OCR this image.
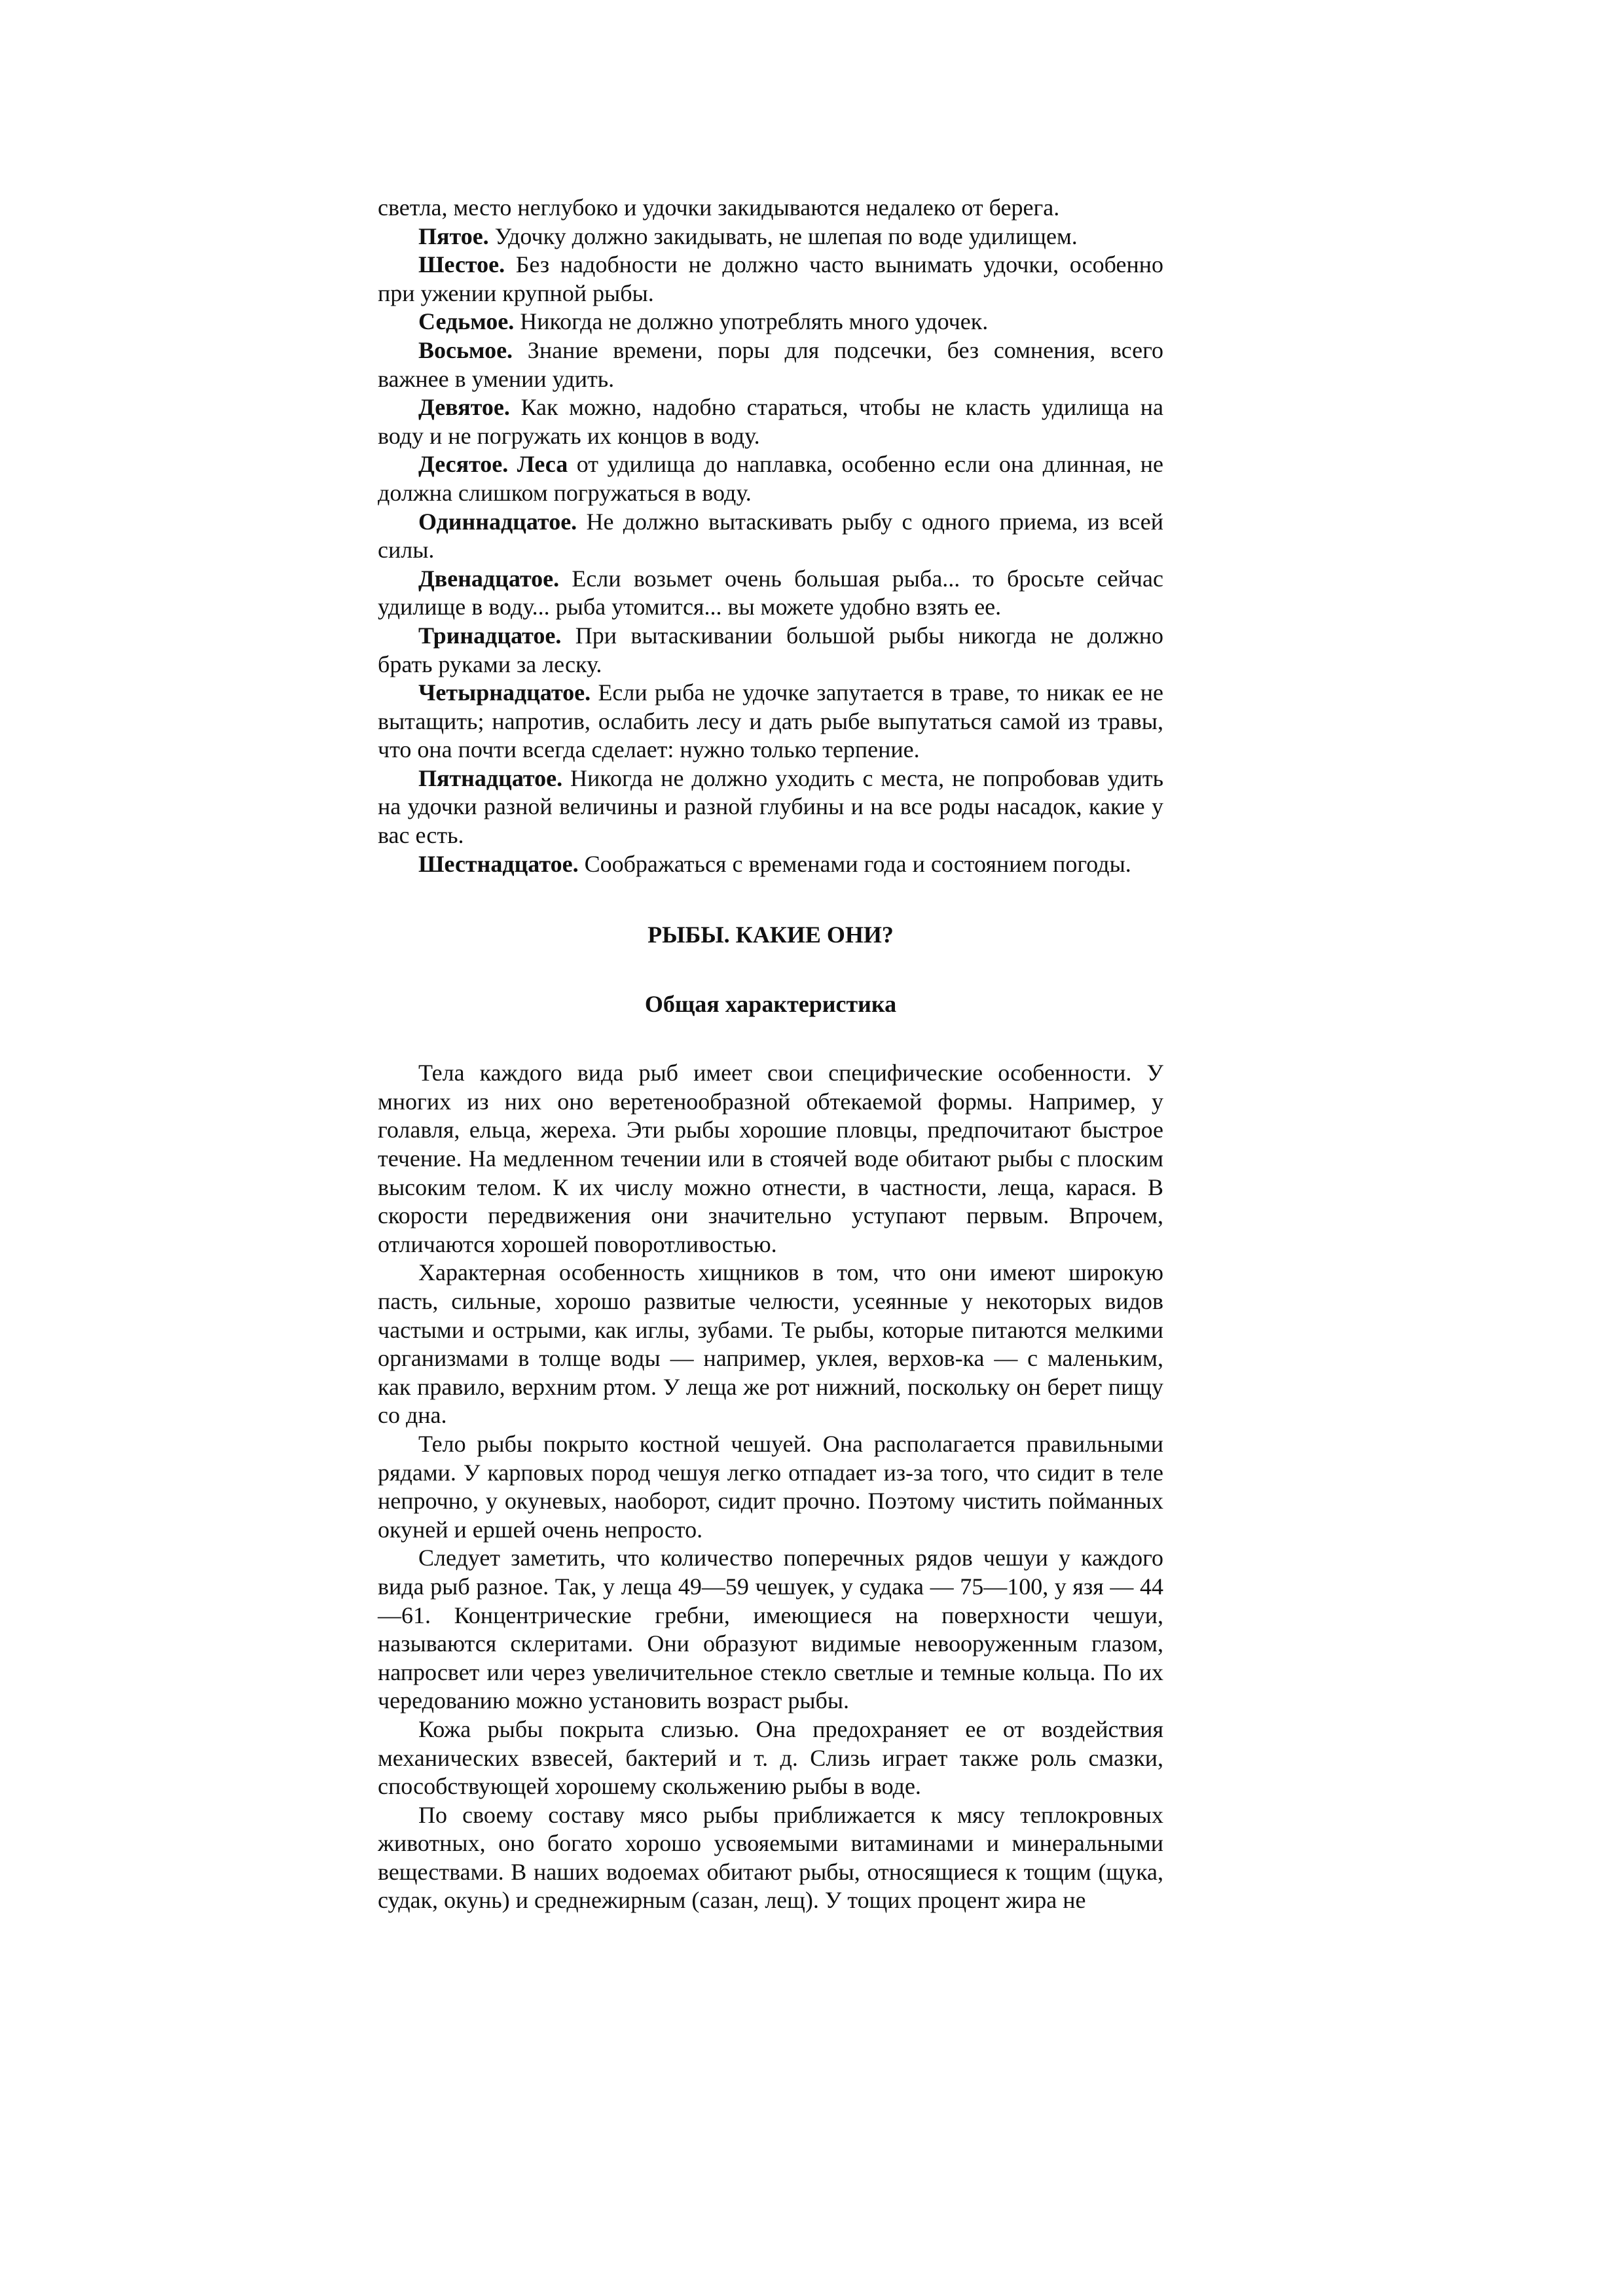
светла, место неглубоко и удочки закидываются недалеко от берега.

Пятое. Удочку должно закидывать, не шлепая по воде удилищем.

Шестое. Без надобности не должно часто вынимать удочки, особенно при ужении крупной рыбы.

Седьмое. Никогда не должно употреблять много удочек.

Восьмое. Знание времени, поры для подсечки, без сомнения, всего важнее в умении удить.

Девятое. Как можно, надобно стараться, чтобы не класть удилища на воду и не погружать их концов в воду.

Десятое. Леса от удилища до наплавка, особенно если она длинная, не должна слишком погружаться в воду.

Одиннадцатое. Не должно вытаскивать рыбу с одного приема, из всей силы.

Двенадцатое. Если возьмет очень большая рыба... то бросьте сейчас удилище в воду... рыба утомится... вы можете удобно взять ее.

Тринадцатое. При вытаскивании большой рыбы никогда не должно брать руками за леску.

Четырнадцатое. Если рыба не удочке запутается в траве, то никак ее не вытащить; напротив, ослабить лесу и дать рыбе выпутаться самой из травы, что она почти всегда сделает: нужно только терпение.

Пятнадцатое. Никогда не должно уходить с места, не попробовав удить на удочки разной величины и разной глубины и на все роды насадок, какие у вас есть.

Шестнадцатое. Соображаться с временами года и состоянием погоды.

РЫБЫ. КАКИЕ ОНИ?
Общая характеристика

Тела каждого вида рыб имеет свои специфические особенности. У многих из них оно веретенообразной обтекаемой формы. Например, у голавля, ельца, жереха. Эти рыбы хорошие пловцы, предпочитают быстрое течение. На медленном течении или в стоячей воде обитают рыбы с плоским высоким телом. К их числу можно отнести, в частности, леща, карася. В скорости передвижения они значительно уступают первым. Впрочем, отличаются хорошей поворотливостью.

Характерная особенность хищников в том, что они имеют широкую пасть, сильные, хорошо развитые челюсти, усеянные у некоторых видов частыми и острыми, как иглы, зубами. Те рыбы, которые питаются мелкими организмами в толще воды — например, уклея, верхов-ка — с маленьким, как правило, верхним ртом. У леща же рот нижний, поскольку он берет пищу со дна.

Тело рыбы покрыто костной чешуей. Она располагается правильными рядами. У карповых пород чешуя легко отпадает из-за того, что сидит в теле непрочно, у окуневых, наоборот, сидит прочно. Поэтому чистить пойманных окуней и ершей очень непросто.

Следует заметить, что количество поперечных рядов чешуи у каждого вида рыб разное. Так, у леща 49—59 чешуек, у судака — 75—100, у язя — 44—61. Концентрические гребни, имеющиеся на поверхности чешуи, называются склеритами. Они образуют видимые невооруженным глазом, напросвет или через увеличительное стекло светлые и темные кольца. По их чередованию можно установить возраст рыбы.

Кожа рыбы покрыта слизью. Она предохраняет ее от воздействия механических взвесей, бактерий и т. д. Слизь играет также роль смазки, способствующей хорошему скольжению рыбы в воде.

По своему составу мясо рыбы приближается к мясу теплокровных животных, оно богато хорошо усвояемыми витаминами и минеральными веществами. В наших водоемах обитают рыбы, относящиеся к тощим (щука, судак, окунь) и среднежирным (сазан, лещ). У тощих процент жира не
